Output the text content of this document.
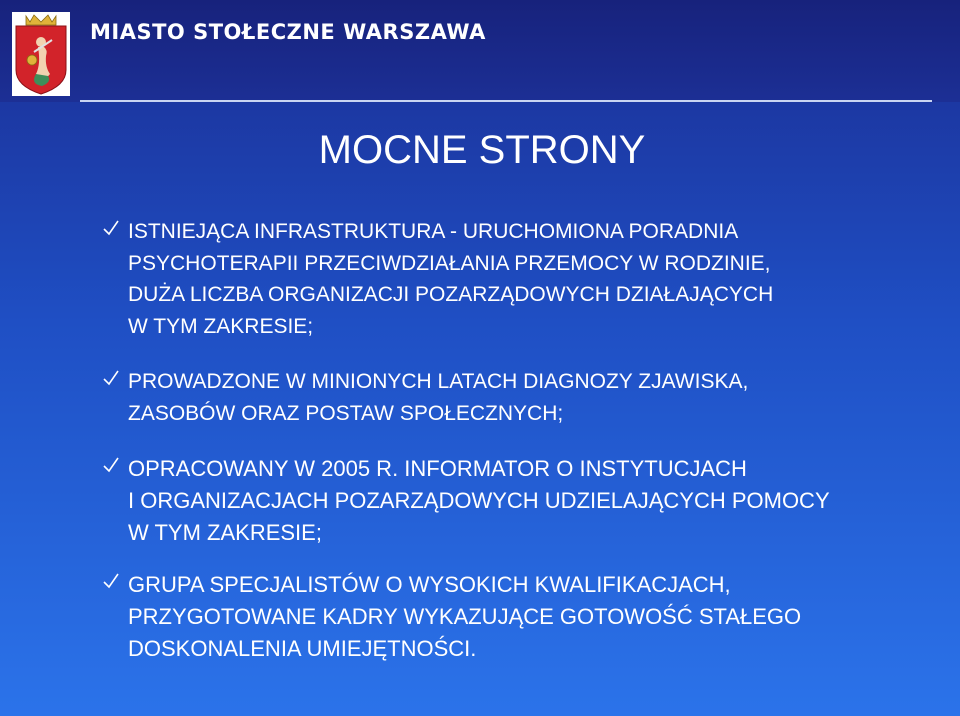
MIASTO STOŁECZNE WARSZAWA
MOCNE STRONY
ISTNIEJĄCA INFRASTRUKTURA - URUCHOMIONA PORADNIA
PSYCHOTERAPII PRZECIWDZIAŁANIA PRZEMOCY W RODZINIE,
DUŻA LICZBA ORGANIZACJI POZARZĄDOWYCH DZIAŁAJĄCYCH
W TYM ZAKRESIE;
PROWADZONE W MINIONYCH LATACH DIAGNOZY ZJAWISKA,
ZASOBÓW ORAZ POSTAW SPOŁECZNYCH;
OPRACOWANY W 2005 R. INFORMATOR O INSTYTUCJACH
I ORGANIZACJACH POZARZĄDOWYCH UDZIELAJĄCYCH POMOCY
W TYM ZAKRESIE;
GRUPA SPECJALISTÓW O WYSOKICH KWALIFIKACJACH,
PRZYGOTOWANE KADRY WYKAZUJĄCE GOTOWOŚĆ STAŁEGO
DOSKONALENIA UMIEJĘTNOŚCI.
